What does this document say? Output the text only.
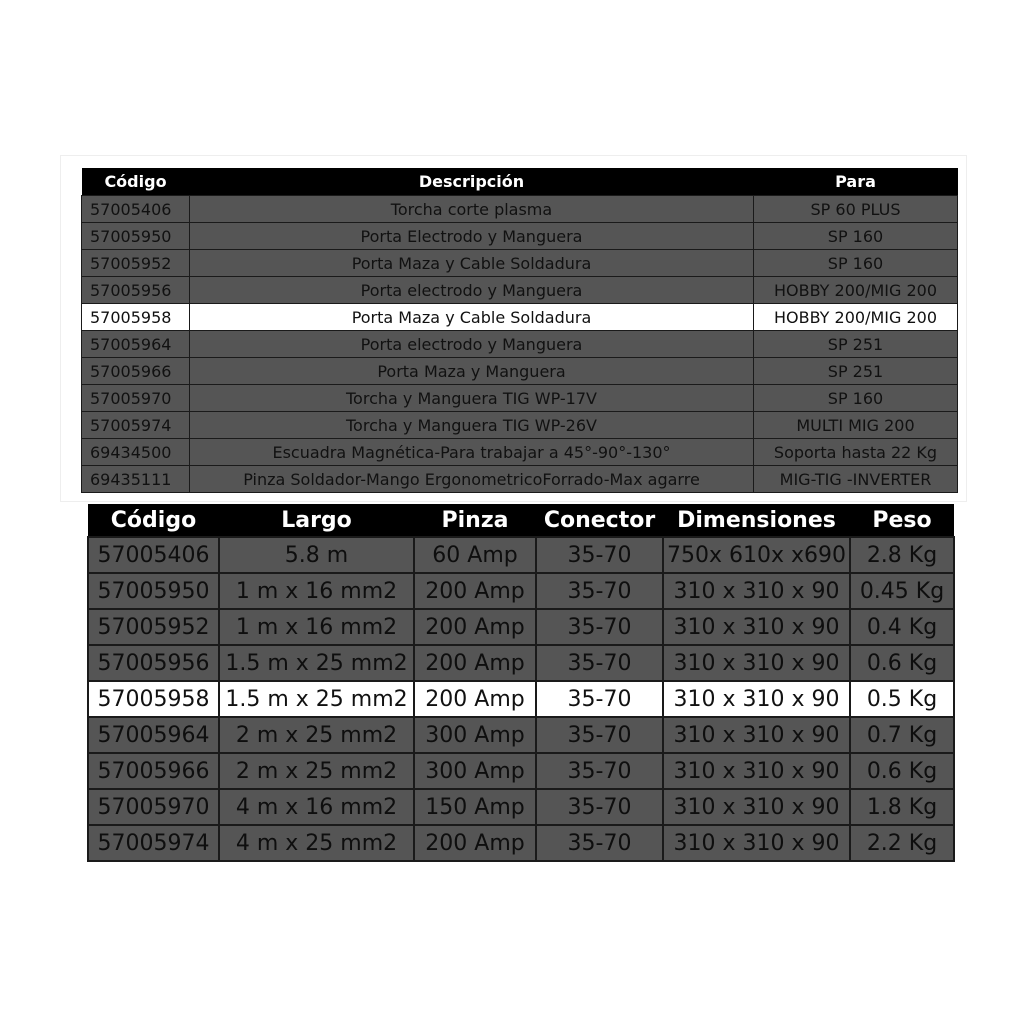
Código	Descripción	Para
57005406	Torcha corte plasma	SP 60 PLUS
57005950	Porta Electrodo y Manguera	SP 160
57005952	Porta Maza y Cable Soldadura	SP 160
57005956	Porta electrodo y Manguera	HOBBY 200/MIG 200
57005958	Porta Maza y Cable Soldadura	HOBBY 200/MIG 200
57005964	Porta electrodo y Manguera	SP 251
57005966	Porta Maza y Manguera	SP 251
57005970	Torcha y Manguera TIG WP-17V	SP 160
57005974	Torcha y Manguera TIG WP-26V	MULTI MIG 200
69434500	Escuadra Magnética-Para trabajar a 45°-90°-130°	Soporta hasta 22 Kg
69435111	Pinza Soldador-Mango ErgonometricoForrado-Max agarre	MIG-TIG -INVERTER
Código	Largo	Pinza	Conector	Dimensiones	Peso
57005406	5.8 m	60 Amp	35-70	750x 610x x690	2.8 Kg
57005950	1 m x 16 mm2	200 Amp	35-70	310 x 310 x 90	0.45 Kg
57005952	1 m x 16 mm2	200 Amp	35-70	310 x 310 x 90	0.4 Kg
57005956	1.5 m x 25 mm2	200 Amp	35-70	310 x 310 x 90	0.6 Kg
57005958	1.5 m x 25 mm2	200 Amp	35-70	310 x 310 x 90	0.5 Kg
57005964	2 m x 25 mm2	300 Amp	35-70	310 x 310 x 90	0.7 Kg
57005966	2 m x 25 mm2	300 Amp	35-70	310 x 310 x 90	0.6 Kg
57005970	4 m x 16 mm2	150 Amp	35-70	310 x 310 x 90	1.8 Kg
57005974	4 m x 25 mm2	200 Amp	35-70	310 x 310 x 90	2.2 Kg
